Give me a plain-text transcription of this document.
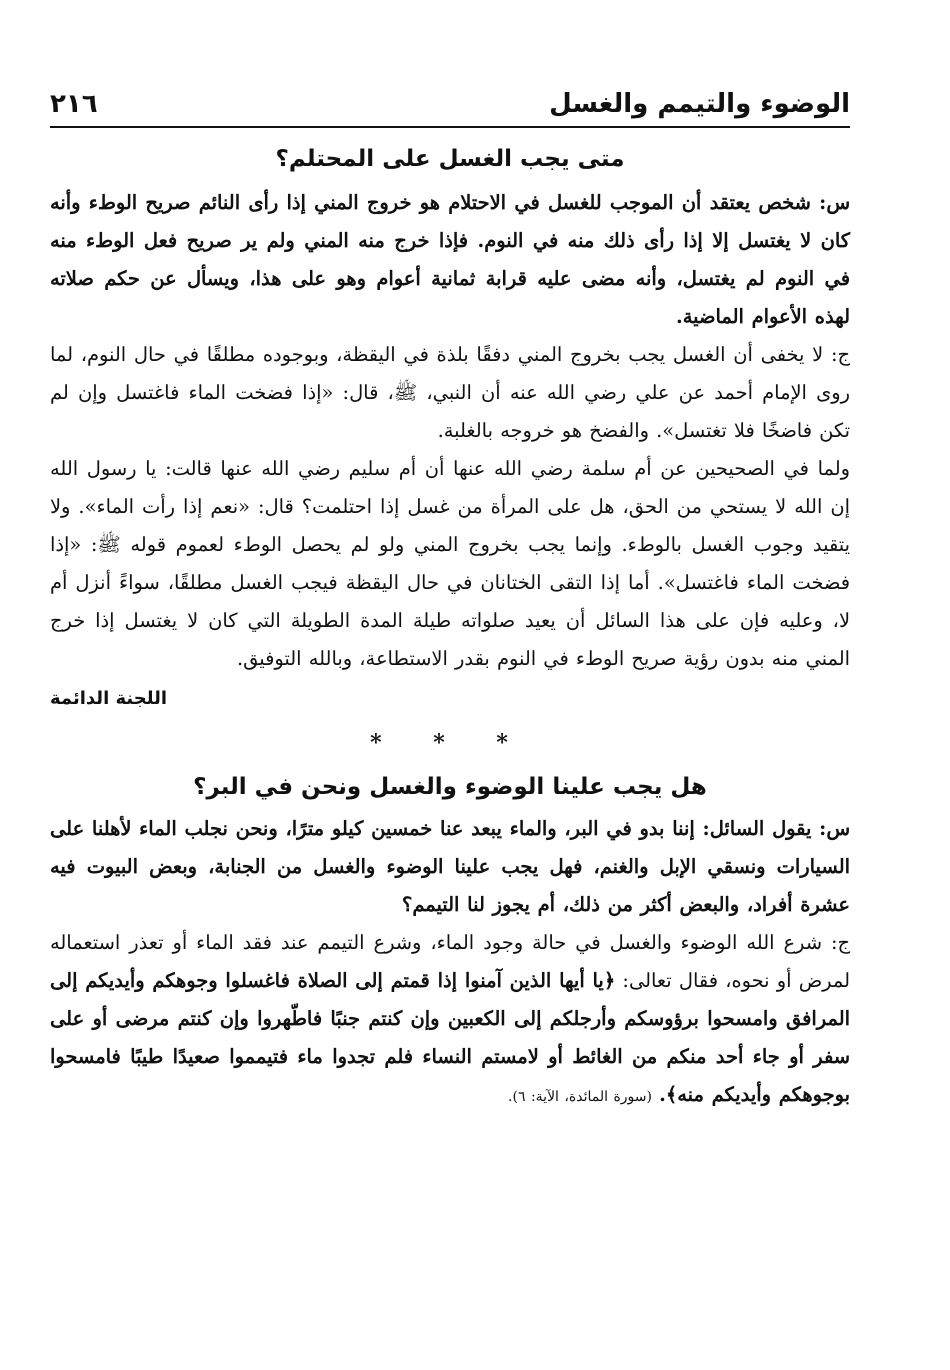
الوضوء والتيمم والغسل
٢١٦
متى يجب الغسل على المحتلم؟

س: شخص يعتقد أن الموجب للغسل في الاحتلام هو خروج المني إذا رأى النائم صريح الوطء وأنه كان لا يغتسل إلا إذا رأى ذلك منه في النوم. فإذا خرج منه المني ولم ير صريح فعل الوطء منه في النوم لم يغتسل، وأنه مضى عليه قرابة ثمانية أعوام وهو على هذا، ويسأل عن حكم صلاته لهذه الأعوام الماضية.

ج: لا يخفى أن الغسل يجب بخروج المني دفقًا بلذة في اليقظة، وبوجوده مطلقًا في حال النوم، لما روى الإمام أحمد عن علي رضي الله عنه أن النبي، ﷺ، قال: «إذا فضخت الماء فاغتسل وإن لم تكن فاضخًا فلا تغتسل». والفضخ هو خروجه بالغلبة.

ولما في الصحيحين عن أم سلمة رضي الله عنها أن أم سليم رضي الله عنها قالت: يا رسول الله إن الله لا يستحي من الحق، هل على المرأة من غسل إذا احتلمت؟ قال: «نعم إذا رأت الماء». ولا يتقيد وجوب الغسل بالوطء. وإنما يجب بخروج المني ولو لم يحصل الوطء لعموم قوله ﷺ: «إذا فضخت الماء فاغتسل». أما إذا التقى الختانان في حال اليقظة فيجب الغسل مطلقًا، سواءً أنزل أم لا، وعليه فإن على هذا السائل أن يعيد صلواته طيلة المدة الطويلة التي كان لا يغتسل إذا خرج المني منه بدون رؤية صريح الوطء في النوم بقدر الاستطاعة، وبالله التوفيق.

اللجنة الدائمة
* * *
هل يجب علينا الوضوء والغسل ونحن في البر؟

س: يقول السائل: إننا بدو في البر، والماء يبعد عنا خمسين كيلو مترًا، ونحن نجلب الماء لأهلنا على السيارات ونسقي الإبل والغنم، فهل يجب علينا الوضوء والغسل من الجنابة، وبعض البيوت فيه عشرة أفراد، والبعض أكثر من ذلك، أم يجوز لنا التيمم؟

ج: شرع الله الوضوء والغسل في حالة وجود الماء، وشرع التيمم عند فقد الماء أو تعذر استعماله لمرض أو نحوه، فقال تعالى: ﴿يا أيها الذين آمنوا إذا قمتم إلى الصلاة فاغسلوا وجوهكم وأيديكم إلى المرافق وامسحوا برؤوسكم وأرجلكم إلى الكعبين وإن كنتم جنبًا فاطّهروا وإن كنتم مرضى أو على سفر أو جاء أحد منكم من الغائط أو لامستم النساء فلم تجدوا ماء فتيمموا صعيدًا طيبًا فامسحوا بوجوهكم وأيديكم منه﴾. (سورة المائدة، الآية: ٦).
